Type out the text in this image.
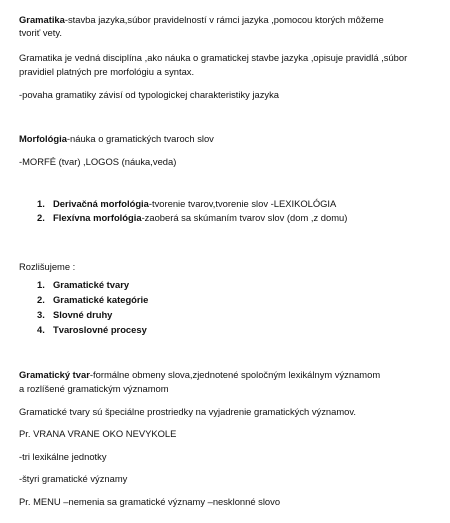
Gramatika-stavba jazyka,súbor pravidelností v rámci jazyka ,pomocou ktorých môžeme
tvoriť vety.
Gramatika je vedná disciplína ,ako náuka o gramatickej stavbe jazyka ,opisuje pravidlá ,súbor
pravidiel platných pre morfológiu a syntax.
-povaha gramatiky závisí od typologickej charakteristiky jazyka
Morfológia-náuka o gramatických tvaroch slov
-MORFÉ (tvar) ,LOGOS (náuka,veda)
1. Derivačná morfológia-tvorenie tvarov,tvorenie slov -LEXIKOLÓGIA
2. Flexívna morfológia-zaoberá sa skúmaním tvarov slov (dom ,z domu)
Rozlišujeme :
1. Gramatické tvary
2. Gramatické kategórie
3. Slovné druhy
4. Tvaroslovné procesy
Gramatický tvar-formálne obmeny slova,zjednotené spoločným lexikálnym významom
a rozlíšené gramatickým významom
Gramatické tvary sú špeciálne prostriedky na vyjadrenie gramatických významov.
Pr. VRANA VRANE OKO NEVYKOLE
-tri lexikálne jednotky
-štyri gramatické významy
Pr. MENU –nemenia sa gramatické významy –nesklonné slovo
